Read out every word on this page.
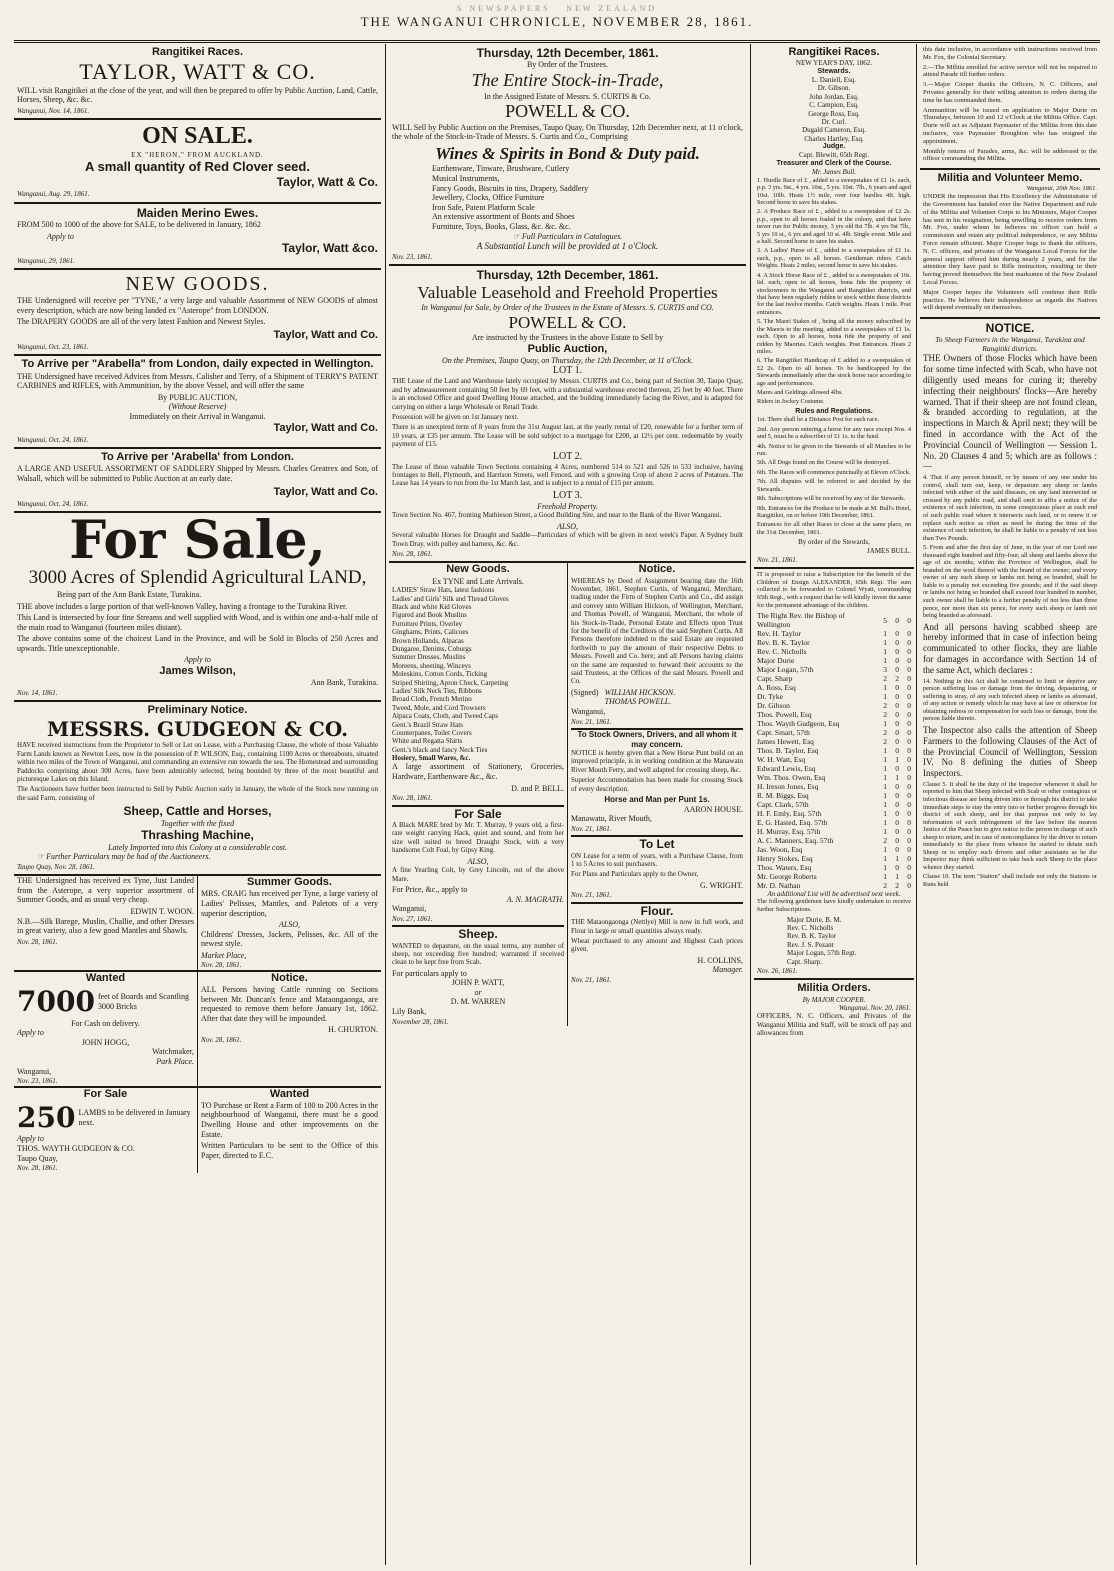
S NEWSPAPERS · NEW ZEALAND
THE WANGANUI CHRONICLE, NOVEMBER 28, 1861.
Rangitikei Races.
TAYLOR, WATT & CO.

WILL visit Rangitikei at the close of the year, and will then be prepared to offer by Public Auction, Land, Cattle, Horses, Sheep, &c. &c.

Wanganui, Nov. 14, 1861.
ON SALE.
EX "HERON," FROM AUCKLAND.
A small quantity of Red Clover seed.
Taylor, Watt & Co.
Wanganui, Aug. 29, 1861.
Maiden Merino Ewes.

FROM 500 to 1000 of the above for SALE, to be delivered in January, 1862

Apply to
Taylor, Watt &co.
Wanganui, 29, 1861.
NEW GOODS.

THE Undersigned will receive per "TYNE," a very large and valuable Assortment of NEW GOODS of almost every description, which are now being landed ex "Asterope" from LONDON.

The DRAPERY GOODS are all of the very latest Fashion and Newest Styles.

Taylor, Watt and Co.
Wanganui, Oct. 23, 1861.
To Arrive per "Arabella" from London, daily expected in Wellington.

THE Undersigned have received Advices from Messrs. Calisher and Terry, of a Shipment of TERRY'S PATENT CARBINES and RIFLES, with Ammunition, by the above Vessel, and will offer the same

By PUBLIC AUCTION,
(Without Reserve)
Immediately on their Arrival in Wanganui.
Taylor, Watt and Co.
Wanganui, Oct. 24, 1861.
To Arrive per 'Arabella' from London.

A LARGE AND USEFUL ASSORTMENT OF SADDLERY Shipped by Messrs. Charles Greatrex and Son, of Walsall, which will be submitted to Public Auction at an early date.

Taylor, Watt and Co.
Wanganui, Oct. 24, 1861.
For Sale,
3000 Acres of Splendid Agricultural LAND,

Being part of the Ann Bank Estate, Turakina.

THE above includes a large portion of that well-known Valley, having a frontage to the Turakina River.

This Land is intersected by four fine Streams and well supplied with Wood, and is within one and-a-half mile of the main road to Wanganui (fourteen miles distant).

The above contains some of the choicest Land in the Province, and will be Sold in Blocks of 250 Acres and upwards. Title unexceptionable.

Apply to
James Wilson,
Ann Bank, Turakina.
Nov. 14, 1861.
Preliminary Notice.
MESSRS. GUDGEON & CO.

HAVE received instructions from the Proprietor to Sell or Let on Lease, with a Purchasing Clause, the whole of those Valuable Farm Lands known as Newton Lees, now in the possession of P. WILSON, Esq., containing 1100 Acres or thereabouts, situated within two miles of the Town of Wanganui, and commanding an extensive run towards the sea. The Homestead and surrounding Paddocks comprising about 300 Acres, have been admirably selected, being bounded by three of the most beautiful and picturesque Lakes on this Island.

The Auctioneers have further been instructed to Sell by Public Auction early in January, the whole of the Stock now running on the said Farm, consisting of

Sheep, Cattle and Horses,
Together with the fixed
Thrashing Machine,
Lately Imported into this Colony at a considerable cost.
☞ Further Particulars may be had of the Auctioneers.
Taupo Quay, Nov. 28, 1861.

THE Undersigned has received ex Tyne, Just Landed from the Asterope, a very superior assortment of Summer Goods, and as usual very cheap.

EDWIN T. WOON.

N.B.—Silk Barege, Muslin, Challie, and other Dresses in great variety, also a few good Mantles and Shawls.

Nov. 28, 1861.
Summer Goods.

MRS. CRAIG has received per Tyne, a large variety of Ladies' Pelisses, Mantles, and Paletots of a very superior description,

ALSO,

Childrens' Dresses, Jackets, Pelisses, &c. All of the newest style.

Market Place,
Nov. 28, 1861.
Wanted
7000 feet of Boards and Scantling 3000 Bricks
For Cash on delivery.
Apply to
JOHN HOGG,
Watchmaker,
Park Place.
Wanganui,
Nov. 23, 1861.
Notice.

ALL Persons having Cattle running on Sections between Mr. Duncan's fence and Mataongaonga, are requested to remove them before January 1st, 1862. After that date they will be impounded.

H. CHURTON.
Nov. 28, 1861.
For Sale
250 LAMBS to be delivered in January next.
Apply to
THOS. WAYTH GUDGEON & CO.
Taupo Quay,
Nov. 28, 1861.
Wanted

TO Purchase or Rent a Farm of 100 to 200 Acres in the neighbourhood of Wanganui, there must be a good Dwelling House and other improvements on the Estate.

Written Particulars to be sent to the Office of this Paper, directed to E.C.

Thursday, 12th December, 1861.
By Order of the Trustees.
The Entire Stock-in-Trade,
In the Assigned Estate of Messrs. S. CURTIS & Co.
POWELL & CO.

WILL Sell by Public Auction on the Premises, Taupo Quay, On Thursday, 12th December next, at 11 o'clock, the whole of the Stock-in-Trade of Messrs. S. Curtis and Co., Comprising

Wines & Spirits in Bond & Duty paid.
Earthenware, Tinware, Brushware, Cutlery
Musical Instruments,
Fancy Goods, Biscuits in tins, Drapery, Saddlery
Jewellery, Clocks, Office Furniture
Iron Safe, Patent Platform Scale
An extensive assortment of Boots and Shoes
Furniture, Toys, Books, Glass, &c. &c. &c.
☞ Full Particulars in Catalogues.
A Substantial Lunch will be provided at 1 o'Clock.
Nov. 23, 1861.
Thursday, 12th December, 1861.
Valuable Leasehold and Freehold Properties
In Wanganui for Sale, by Order of the Trustees in the Estate of Messrs. S. CURTIS and CO.
POWELL & CO.
Are instructed by the Trustees in the above Estate to Sell by
Public Auction,
On the Premises, Taupo Quay, on Thursday, the 12th December, at 11 o'Clock.
LOT 1.

THE Lease of the Land and Warehouse lately occupied by Messrs. CURTIS and Co., being part of Section 30, Taupo Quay, and by admeasurement containing 50 feet by 69 feet, with a substantial warehouse erected thereon, 25 feet by 40 feet. There is an enclosed Office and good Dwelling House attached, and the building immediately facing the River, and is adapted for carrying on either a large Wholesale or Retail Trade.

Possession will be given on 1st January next.

There is an unexpired term of 8 years from the 31st August last, at the yearly rental of £20, renewable for a further term of 10 years, at £35 per annum. The Lease will be sold subject to a mortgage for £200, at 12½ per cent. redeemable by yearly payment of £15.

LOT 2.

The Lease of those valuable Town Sections containing 4 Acres, numbered 514 to 521 and 526 to 533 inclusive, having frontages to Bell, Plymouth, and Harrison Streets, well Fenced, and with a growing Crop of about 2 acres of Potatoes. The Lease has 14 years to run from the 1st March last, and is subject to a rental of £15 per annum.

LOT 3.
Freehold Property.

Town Section No. 467, fronting Mathieson Street, a Good Building Site, and near to the Bank of the River Wanganui.

ALSO,

Several valuable Horses for Draught and Saddle—Particulars of which will be given in next week's Paper. A Sydney built Town Dray, with pulley and harness, &c. &c.

Nov. 28, 1861.
New Goods.
Ex TYNE and Late Arrivals.
LADIES' Straw Hats, latest fashions
Ladies' and Girls' Silk and Thread Gloves
Black and white Kid Gloves
Figured and Book Muslins
Furniture Prints, Overley
Ginghams, Prints, Calicoes
Brown Hollands, Alpacas
Dungaree, Denims, Coburgs
Summer Dresses, Muslins
Moreens, sheeting, Winceys
Moleskins, Cotton Cords, Ticking
Striped Shirting, Apron Check, Carpeting
Ladies' Silk Neck Ties, Ribbons
Broad Cloth, French Merino
Tweed, Mole, and Cord Trowsers
Alpaca Coats, Cloth, and Tweed Caps
Gent.'s Brazil Straw Hats
Counterpanes, Toilet Covers
White and Regatta Shirts
Gent.'s black and fancy Neck Ties
Hosiery, Small Wares, &c.

A large assortment of Stationery, Groceries, Hardware, Earthenware &c., &c.

D. and P. BELL.
Nov. 28, 1861.
For Sale

A Black MARE bred by Mr. T. Murray, 9 years old, a first-rate weight carrying Hack, quiet and sound, and from her size well suited to breed Draught Stock, with a very handsome Colt Foal, by Gipsy King.

ALSO,

A fine Yearling Colt, by Grey Lincoln, out of the above Mare.

For Price, &c., apply to
A. N. MAGRATH.
Wanganui,
Nov. 27, 1861.
Sheep.

WANTED to depasture, on the usual terms, any number of sheep, not exceeding five hundred; warranted if received clean to be kept free from Scab.

For particulars apply to
JOHN P. WATT,
or
D. M. WARREN
Lily Bank,
November 28, 1861.
Notice.

WHEREAS by Deed of Assignment bearing date the 16th November, 1861, Stephen Curtis, of Wanganui, Merchant, trading under the Firm of Stephen Curtis and Co., did assign and convey unto William Hickson, of Wellington, Merchant, and Thomas Powell, of Wanganui, Merchant, the whole of his Stock-in-Trade, Personal Estate and Effects upon Trust for the benefit of the Creditors of the said Stephen Curtis. All Persons therefore indebted to the said Estate are requested forthwith to pay the amount of their respective Debts to Messrs. Powell and Co. here; and all Persons having claims on the same are requested to forward their accounts to the said Trustees, at the Offices of the said Messrs. Powell and Co.

(Signed) WILLIAM HICKSON.
THOMAS POWELL.
Wanganui,
Nov. 21, 1861.
To Stock Owners, Drivers, and all whom it may concern.

NOTICE is hereby given that a New Horse Punt build on an improved principle, is in working condition at the Manawatu River Mouth Ferry, and well adapted for crossing sheep, &c.

Superior Accommodation has been made for crossing Stock of every description.

Horse and Man per Punt 1s.
AARON HOUSE.
Manawatu, River Mouth,
Nov. 21, 1861.
To Let

ON Lease for a term of years, with a Purchase Clause, from 1 to 5 Acres to suit purchasers.

For Plans and Particulars apply to the Owner,

G. WRIGHT.
Nov. 21, 1861.
Flour.

THE Mataongaonga (Nettlye) Mill is now in full work, and Flour in large or small quantities always ready.

Wheat purchased to any amount and Highest Cash prices given.

H. COLLINS,
Manager.
Nov. 21, 1861.
Rangitikei Races.
NEW YEAR'S DAY, 1862.
Stewards.
L. Daniell, Esq.
Dr. Gibson.
John Jordan, Esq.
C. Campion, Esq.
George Ross, Esq.
Dr. Curl.
Dugald Cameron, Esq.
Charles Hartley, Esq.
Judge.
Capt. Blewitt, 65th Regt.
Treasurer and Clerk of the Course.
Mr. James Bull.

1. Hurdle Race of £ , added to a sweepstakes of £1 1s. each, p.p. 3 yrs. 9st., 4 yrs. 10st., 5 yrs. 10st. 7lb., 6 years and aged 10st. 10lb. Heats 1½ mile, over four hurdles 4ft. high. Second horse to save his stakes.

2. A Produce Race of £ , added to a sweepstakes of £2 2s. p.p., open to all horses foaled in the colony, and that have never run for Public money, 3 yrs old 8st 7lb. 4 yrs 9st 7lb., 5 yrs 10 st., 6 yrs and aged 10 st. 4lb. Single event. Mile and a half. Second horse to save his stakes.

3. A Ladies' Purse of £ , added to a sweepstakes of £1 1s. each, p.p., open to all horses. Gentleman riders. Catch Weights. Heats 2 miles, second horse to save his stakes.

4. A Stock Horse Race of £ , added to a sweepstakes of 10s. 6d. each, open to all horses, bona fide the property of stockowners in the Wanganui and Rangitikei districts, and that have been regularly ridden to stock within these districts for the last twelve months. Catch weights. Heats 1 mile. Post entrances.

5. The Maori Stakes of , being all the money subscribed by the Maoris to the meeting, added to a sweepstakes of £1 1s. each. Open to all horses, bona fide the property of and ridden by Maories. Catch weights. Post Entrances. Heats 2 miles.

6. The Rangitikei Handicap of £ added to a sweepstakes of £2 2s. Open to all horses. To be handicapped by the Stewards immediately after the stock horse race according to age and performances.

Mares and Geldings allowed 4lbs.

Riders in Jockey Costume.

Rules and Regulations.

1st. There shall be a Distance Post for each race.

2nd. Any person entering a horse for any race except Nos. 4 and 5, must be a subscriber of £1 1s. to the fund.

4th. Notice to be given to the Stewards of all Matches to be run.

5th. All Dogs found on the Course will be destroyed.

6th. The Races will commence punctually at Eleven o'Clock.

7th. All disputes will be referred to and decided by the Stewards.

8th. Subscriptions will be received by any of the Stewards.

9th. Entrances for the Produce to be made at M. Bull's Hotel, Rangitikei, on or before 19th December, 1861.

Entrances for all other Races to close at the same place, on the 31st December, 1861.

By order of the Stewards,
JAMES BULL.
Nov. 21, 1861.

IT is proposed to raise a Subscription for the benefit of the Children of Ensign ALEXANDER, 65th Regt. The sum collected to be forwarded to Colonel Wyatt, commanding 65th Regt., with a request that he will kindly invest the same for the permanent advantage of the children.

The Right Rev. the Bishop of Wellington	5	0	0
Rev. H. Taylor	1	0	0
Rev. B. K. Taylor	1	0	0
Rev. C. Nicholls	1	0	0
Major Durie	1	0	0
Major Logan, 57th	3	0	0
Capt. Sharp	2	2	0
A. Ross, Esq	1	0	0
Dr. Tyke	1	0	0
Dr. Gibson	2	0	0
Thos. Powell, Esq	2	0	0
Thos. Wayth Gudgeon, Esq	1	0	0
Capt. Smart, 57th	2	0	0
James Hewett, Esq	2	0	0
Thos. B. Taylor, Esq	1	0	0
W. H. Watt, Esq	1	1	0
Edward Lewis, Esq	1	0	0
Wm. Thos. Owen, Esq	1	1	0
H. Ireson Jones, Esq	1	0	0
R. M. Biggs, Esq	1	0	0
Capt. Clark, 57th	1	0	0
H. F. Emly, Esq. 57th	1	0	0
E. G. Hasted, Esq. 57th	1	0	0
H. Murray, Esq. 57th	1	0	0
A. C. Manners, Esq. 57th	2	0	0
Jas. Woon, Esq	1	0	0
Henry Stokes, Esq	1	1	0
Thos. Waters, Esq	1	0	0
Mr. George Roberts	1	1	0
Mr. D. Nathan	2	2	0
An additional List will be advertised next week.

The following gentlemen have kindly undertaken to receive further Subscriptions.

Major Durie, B. M.
Rev. C. Nicholls
Rev. B. K. Taylor
Rev. J. S. Pezant
Major Logan, 57th Regt.
Capt. Sharp.
Nov. 26, 1861.
Militia Orders.
By MAJOR COOPER.
Wanganui, Nov. 20, 1861.

OFFICERS, N. C. Officers, and Privates of the Wanganui Militia and Staff, will be struck off pay and allowances from

this date inclusive, in accordance with instructions received from Mr. Fox, the Colonial Secretary.

2.—The Militia enrolled for active service will not be required to attend Parade till further orders.

3.—Major Cooper thanks the Officers, N. C. Officers, and Privates generally for their willing attention to orders during the time he has commanded them.

Ammunition will be issued on application to Major Durie on Thursdays, between 10 and 12 o'Clock at the Militia Office. Capt. Durie will act as Adjutant Paymaster of the Militia from this date inclusive, vice Paymaster Broughton who has resigned the appointment.

Monthly returns of Parades, arms, &c. will be addressed to the officer commanding the Militia.

Militia and Volunteer Memo.
Wanganui, 20th Nov. 1861.

UNDER the impression that His Excellency the Administrator of the Government has handed over the Native Department and rule of the Militia and Volunteer Corps to his Ministers, Major Cooper has sent in his resignation, being unwilling to receive orders from Mr. Fox, under whom he believes no officer can hold a commission and retain any political independence, or any Militia Force remain efficient. Major Cooper begs to thank the officers, N. C. officers, and privates of the Wanganui Local Forces for the general support offered him during nearly 2 years, and for the attention they have paid to Rifle instruction, resulting in their having proved themselves the best marksmen of the New Zealand Local Forces.

Major Cooper hopes the Volunteers will continue their Rifle practice. He believes their independence as regards the Natives will depend eventually on themselves.

NOTICE.
To Sheep Farmers in the Wanganui, Turakina and Rangitiki districts.

THE Owners of those Flocks which have been for some time infected with Scab, who have not diligently used means for curing it; thereby infecting their neighbours' flocks—Are hereby warned. That if their sheep are not found clean, & branded according to regulation, at the inspections in March & April next; they will be fined in accordance with the Act of the Provincial Council of Wellington — Session 1. No. 20 Clauses 4 and 5; which are as follows :—

4. That if any person himself, or by means of any one under his control, shall turn out, keep, or depasture any sheep or lambs infected with either of the said diseases, on any land intersected or crossed by any public road, and shall omit to affix a notice of the existence of such infection, in some conspicuous place at each end of such public road where it intersects such land, or to renew it or replace such notice as often as need be during the time of the existence of such infection, he shall be liable to a penalty of not less than Two Pounds.

5. From and after the first day of June, in the year of our Lord one thousand eight hundred and fifty-four, all sheep and lambs above the age of six months, within the Province of Wellington, shall be branded on the wool thereof with the brand of the owner; and every owner of any such sheep or lambs not being so branded, shall be liable to a penalty not exceeding five pounds; and if the said sheep or lambs not being so branded shall exceed four hundred in number, such owner shall be liable to a further penalty of not less than three pence, nor more than six pence, for every such sheep or lamb not being branded as aforesaid.

And all persons having scabbed sheep are hereby informed that in case of infection being communicated to other flocks, they are liable for damages in accordance with Section 14 of the same Act, which declares :

14. Nothing in this Act shall be construed to limit or deprive any person suffering loss or damage from the driving, depasturing, or suffering to stray, of any such infected sheep or lambs as aforesaid, of any action or remedy which he may have at law or otherwise for obtaining redress or compensation for such loss or damage, from the person liable thereto.

The Inspector also calls the attention of Sheep Farmers to the following Clauses of the Act of the Provincial Council of Wellington, Session IV. No 8 defining the duties of Sheep Inspectors.

Clause 5. It shall be the duty of the Inspector whenever it shall be reported to him that Sheep infected with Scab or other contagious or infectious disease are being driven into or through his district to take immediate steps to stay the entry into or further progress through his district of such sheep, and for that purpose not only to lay information of such infringement of the law before the nearest Justice of the Peace but to give notice to the person in charge of such sheep to return, and in case of noncompliance by the driver to return immediately to the place from whence he started to detain such Sheep or to employ such drivers and other assistants as he the Inspector may think sufficient to take back such Sheep to the place whence they started.

Clause 10. The term "Station" shall include not only the Stations or Runs held
